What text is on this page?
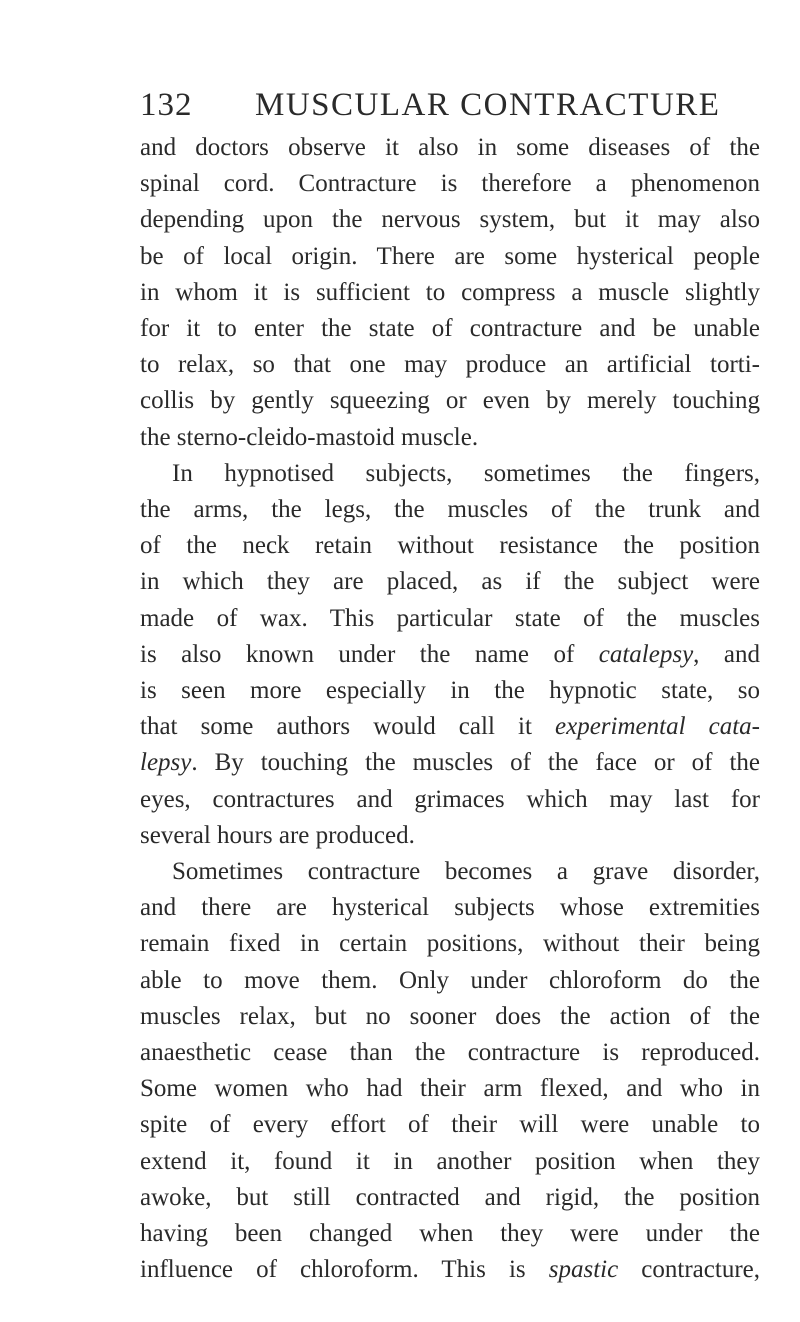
132 MUSCULAR CONTRACTURE
and doctors observe it also in some diseases of the
spinal cord. Contracture is therefore a phenomenon
depending upon the nervous system, but it may also
be of local origin. There are some hysterical people
in whom it is sufficient to compress a muscle slightly
for it to enter the state of contracture and be unable
to relax, so that one may produce an artificial torti-
collis by gently squeezing or even by merely touching
the sterno-cleido-mastoid muscle.
In hypnotised subjects, sometimes the fingers,
the arms, the legs, the muscles of the trunk and
of the neck retain without resistance the position
in which they are placed, as if the subject were
made of wax. This particular state of the muscles
is also known under the name of catalepsy, and
is seen more especially in the hypnotic state, so
that some authors would call it experimental cata-
lepsy. By touching the muscles of the face or of the
eyes, contractures and grimaces which may last for
several hours are produced.
Sometimes contracture becomes a grave disorder,
and there are hysterical subjects whose extremities
remain fixed in certain positions, without their being
able to move them. Only under chloroform do the
muscles relax, but no sooner does the action of the
anaesthetic cease than the contracture is reproduced.
Some women who had their arm flexed, and who in
spite of every effort of their will were unable to
extend it, found it in another position when they
awoke, but still contracted and rigid, the position
having been changed when they were under the
influence of chloroform. This is spastic contracture,
